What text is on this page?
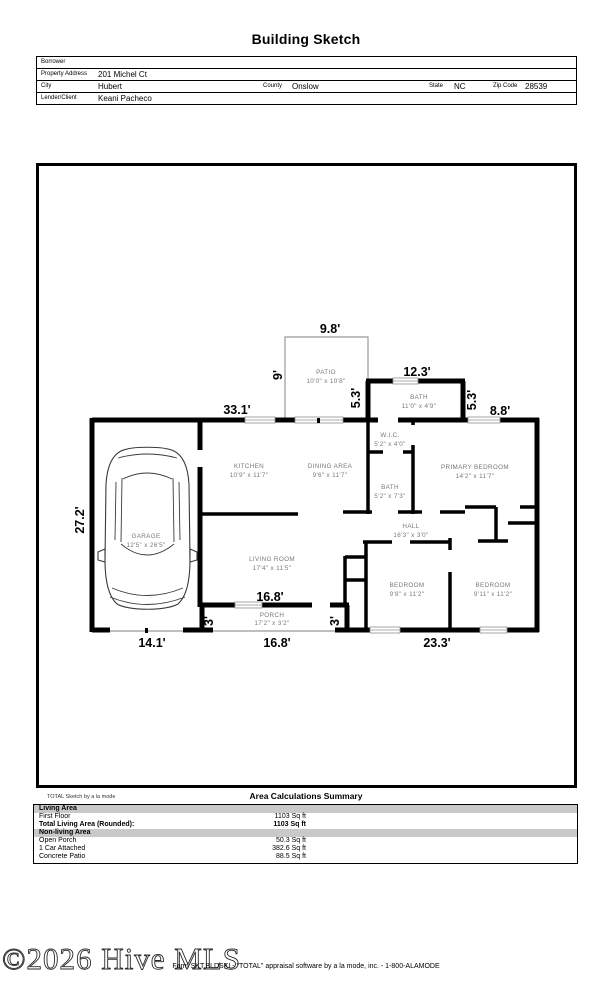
Building Sketch
Borrower
Property Address 201 Michel Ct
City	Hubert	County Onslow	State NC	Zip Code 28539
Lender/Client	Keani Pacheco
PATIO
10'0" x 10'8"
BATH
11'0" x 4'9"
W.I.C.
5'2" x 4'0"
KITCHEN
10'9" x 11'7"
DINING AREA
9'6" x 11'7"
PRIMARY BEDROOM
14'2" x 11'7"
BATH
5'2" x 7'3"
GARAGE
12'5" x 26'5"
HALL
16'3" x 3'0"
LIVING ROOM
17'4" x 11'5"
BEDROOM
9'8" x 11'2"
BEDROOM
9'11" x 11'2"
PORCH
17'2" x 3'2"
9.8'
9'	12.3'
5.3'	5.3'
8.8'
33.1'
27.2'
16.8'
3'	3'
14.1'	16.8'	23.3'
TOTAL Sketch by a la mode	Area Calculations Summary
Living Area
First Floor	1103 Sq ft
Total Living Area (Rounded):	1103 Sq ft
Non-living Area
Open Porch	50.3 Sq ft
1 Car Attached	382.6 Sq ft
Concrete Patio	88.5 Sq ft
©2026 Hive MLS
Form SKT.BLDSKI - "TOTAL" appraisal software by a la mode, inc. - 1-800-ALAMODE
